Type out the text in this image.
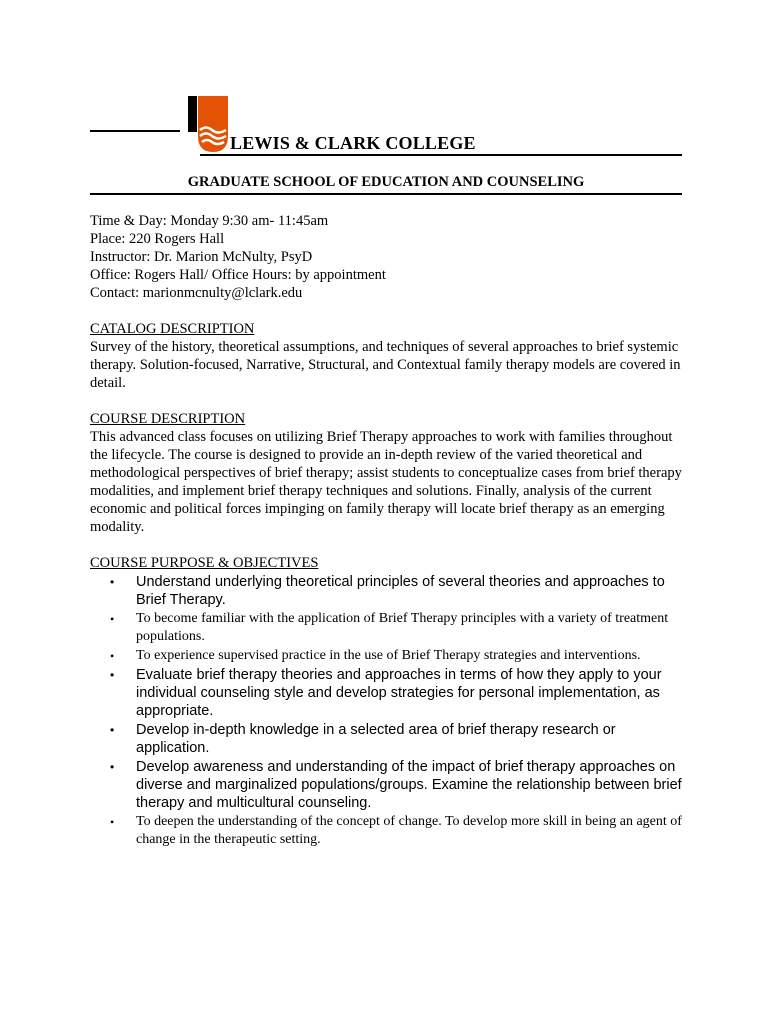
LEWIS & CLARK COLLEGE
GRADUATE SCHOOL OF EDUCATION AND COUNSELING
Time & Day: Monday 9:30 am- 11:45am
Place: 220 Rogers Hall
Instructor: Dr. Marion McNulty, PsyD
Office: Rogers Hall/ Office Hours: by appointment
Contact: marionmcnulty@lclark.edu
CATALOG DESCRIPTION

Survey of the history, theoretical assumptions, and techniques of several approaches to brief systemic therapy. Solution-focused, Narrative, Structural, and Contextual family therapy models are covered in detail.

COURSE DESCRIPTION

This advanced class focuses on utilizing Brief Therapy approaches to work with families throughout the lifecycle. The course is designed to provide an in-depth review of the varied theoretical and methodological perspectives of brief therapy; assist students to conceptualize cases from brief therapy modalities, and implement brief therapy techniques and solutions. Finally, analysis of the current economic and political forces impinging on family therapy will locate brief therapy as an emerging modality.

COURSE PURPOSE & OBJECTIVES
• Understand underlying theoretical principles of several theories and approaches to Brief Therapy.
• To become familiar with the application of Brief Therapy principles with a variety of treatment populations.
• To experience supervised practice in the use of Brief Therapy strategies and interventions.
• Evaluate brief therapy theories and approaches in terms of how they apply to your individual counseling style and develop strategies for personal implementation, as appropriate.
• Develop in-depth knowledge in a selected area of brief therapy research or application.
• Develop awareness and understanding of the impact of brief therapy approaches on diverse and marginalized populations/groups. Examine the relationship between brief therapy and multicultural counseling.
• To deepen the understanding of the concept of change. To develop more skill in being an agent of change in the therapeutic setting.
